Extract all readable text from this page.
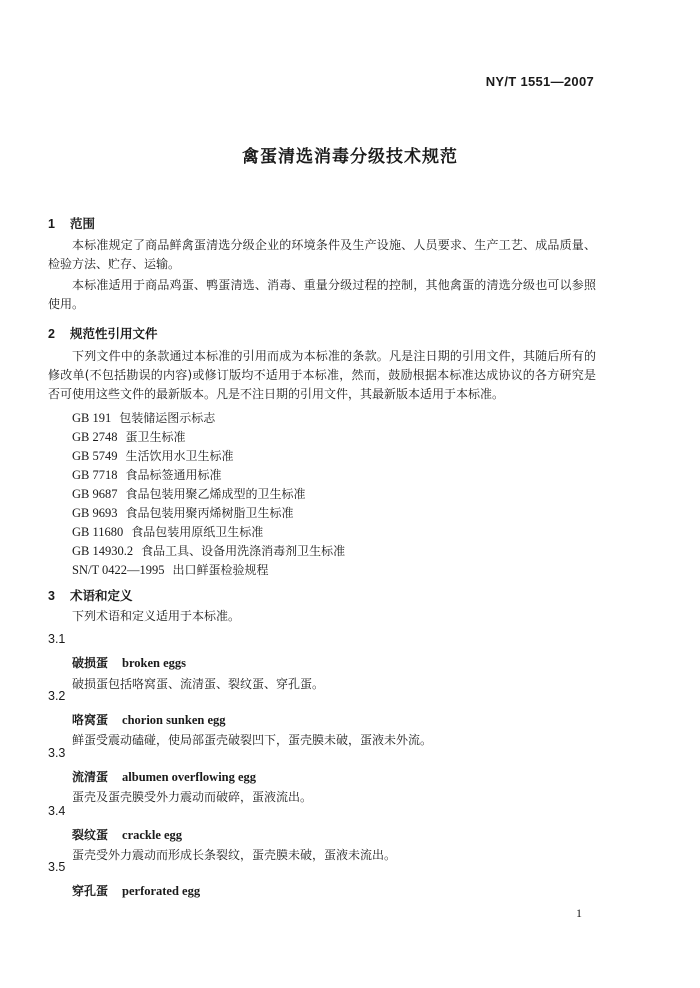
NY/T 1551—2007
禽蛋清选消毒分级技术规范
1 范围
本标准规定了商品鲜禽蛋清选分级企业的环境条件及生产设施、人员要求、生产工艺、成品质量、检验方法、贮存、运输。
本标准适用于商品鸡蛋、鸭蛋清选、消毒、重量分级过程的控制，其他禽蛋的清选分级也可以参照使用。
2 规范性引用文件
下列文件中的条款通过本标准的引用而成为本标准的条款。凡是注日期的引用文件，其随后所有的修改单(不包括勘误的内容)或修订版均不适用于本标准，然而，鼓励根据本标准达成协议的各方研究是否可使用这些文件的最新版本。凡是不注日期的引用文件，其最新版本适用于本标准。
GB 191 包装储运图示标志
GB 2748 蛋卫生标准
GB 5749 生活饮用水卫生标准
GB 7718 食品标签通用标准
GB 9687 食品包装用聚乙烯成型的卫生标准
GB 9693 食品包装用聚丙烯树脂卫生标准
GB 11680 食品包装用原纸卫生标准
GB 14930.2 食品工具、设备用洗涤消毒剂卫生标准
SN/T 0422—1995 出口鲜蛋检验规程
3 术语和定义
下列术语和定义适用于本标准。
3.1
破损蛋 broken eggs
破损蛋包括咯窝蛋、流清蛋、裂纹蛋、穿孔蛋。
3.2
咯窝蛋 chorion sunken egg
鲜蛋受震动磕碰，使局部蛋壳破裂凹下，蛋壳膜未破，蛋液未外流。
3.3
流清蛋 albumen overflowing egg
蛋壳及蛋壳膜受外力震动而破碎，蛋液流出。
3.4
裂纹蛋 crackle egg
蛋壳受外力震动而形成长条裂纹，蛋壳膜未破，蛋液未流出。
3.5
穿孔蛋 perforated egg
1
